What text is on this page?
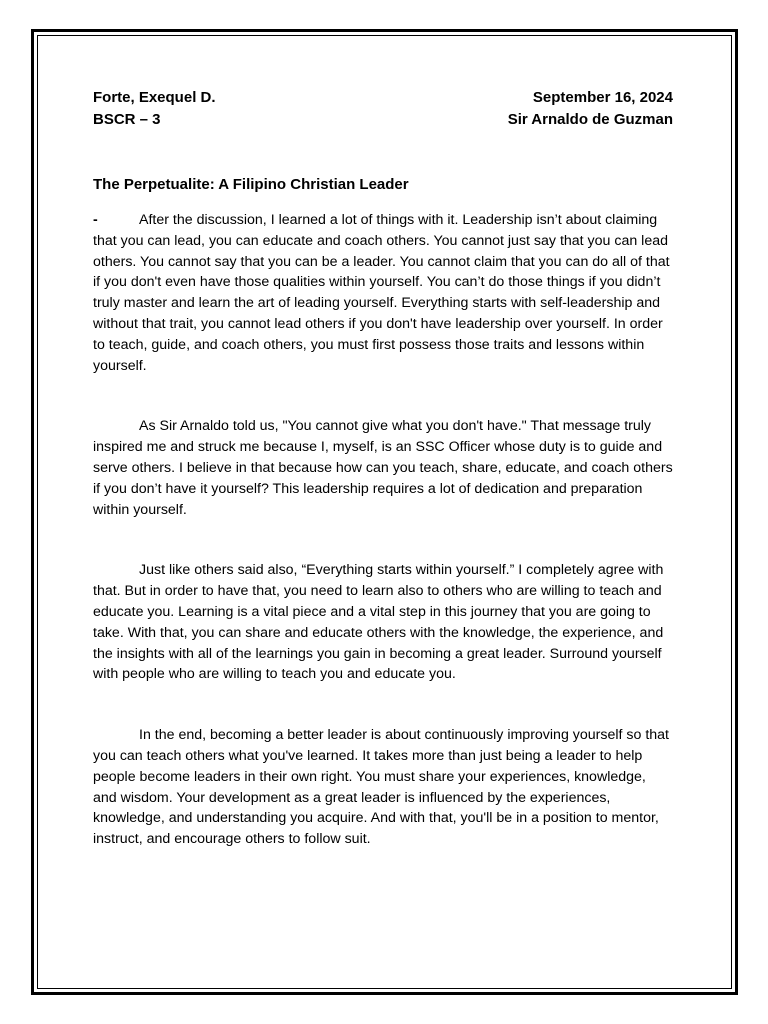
Forte, Exequel D.	September 16, 2024
BSCR – 3	Sir Arnaldo de Guzman
The Perpetualite: A Filipino Christian Leader

-	After the discussion, I learned a lot of things with it. Leadership isn’t about claiming that you can lead, you can educate and coach others. You cannot just say that you can lead others. You cannot say that you can be a leader. You cannot claim that you can do all of that if you don't even have those qualities within yourself. You can’t do those things if you didn’t truly master and learn the art of leading yourself. Everything starts with self-leadership and without that trait, you cannot lead others if you don't have leadership over yourself. In order to teach, guide, and coach others, you must first possess those traits and lessons within yourself.

As Sir Arnaldo told us, "You cannot give what you don't have." That message truly inspired me and struck me because I, myself, is an SSC Officer whose duty is to guide and serve others. I believe in that because how can you teach, share, educate, and coach others if you don’t have it yourself? This leadership requires a lot of dedication and preparation within yourself.

Just like others said also, “Everything starts within yourself.” I completely agree with that. But in order to have that, you need to learn also to others who are willing to teach and educate you. Learning is a vital piece and a vital step in this journey that you are going to take. With that, you can share and educate others with the knowledge, the experience, and the insights with all of the learnings you gain in becoming a great leader. Surround yourself with people who are willing to teach you and educate you.

In the end, becoming a better leader is about continuously improving yourself so that you can teach others what you've learned. It takes more than just being a leader to help people become leaders in their own right. You must share your experiences, knowledge, and wisdom. Your development as a great leader is influenced by the experiences, knowledge, and understanding you acquire. And with that, you'll be in a position to mentor, instruct, and encourage others to follow suit.
